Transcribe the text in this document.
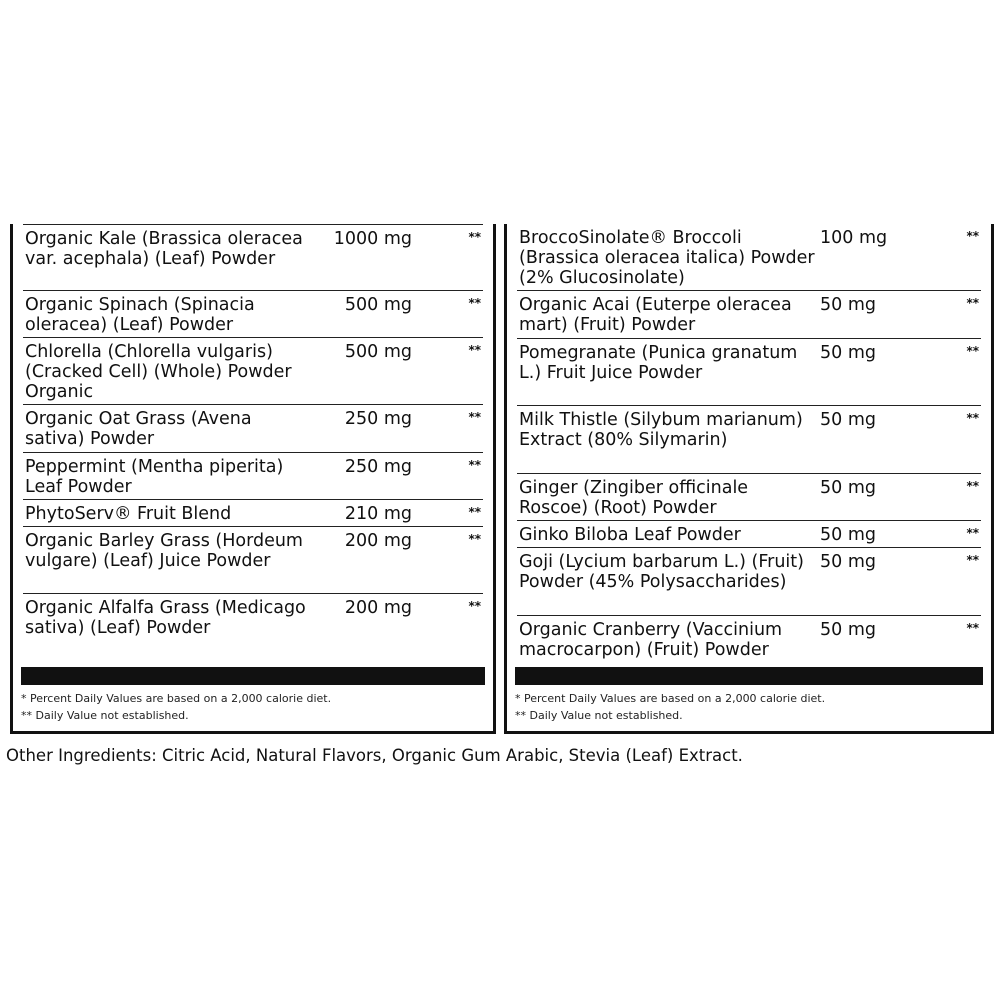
Organic Kale (Brassica oleracea var. acephala) (Leaf) Powder
1000 mg	**
Organic Spinach (Spinacia oleracea) (Leaf) Powder
500 mg	**
Chlorella (Chlorella vulgaris) (Cracked Cell) (Whole) Powder Organic
500 mg	**
Organic Oat Grass (Avena sativa) Powder
250 mg	**
Peppermint (Mentha piperita) Leaf Powder
250 mg	**
PhytoServ® Fruit Blend	210 mg	**
Organic Barley Grass (Hordeum vulgare) (Leaf) Juice Powder
200 mg	**
Organic Alfalfa Grass (Medicago sativa) (Leaf) Powder
200 mg	**
* Percent Daily Values are based on a 2,000 calorie diet.
** Daily Value not established.
BroccoSinolate® Broccoli (Brassica oleracea italica) Powder (2% Glucosinolate)
100 mg	**
Organic Acai (Euterpe oleracea mart) (Fruit) Powder
50 mg	**
Pomegranate (Punica granatum L.) Fruit Juice Powder
50 mg	**
Milk Thistle (Silybum marianum) Extract (80% Silymarin)
50 mg	**
Ginger (Zingiber officinale Roscoe) (Root) Powder
50 mg	**
Ginko Biloba Leaf Powder	50 mg	**
Goji (Lycium barbarum L.) (Fruit) Powder (45% Polysaccharides)
50 mg	**
Organic Cranberry (Vaccinium macrocarpon) (Fruit) Powder
50 mg	**
* Percent Daily Values are based on a 2,000 calorie diet.
** Daily Value not established.
Other Ingredients: Citric Acid, Natural Flavors, Organic Gum Arabic, Stevia (Leaf) Extract.
